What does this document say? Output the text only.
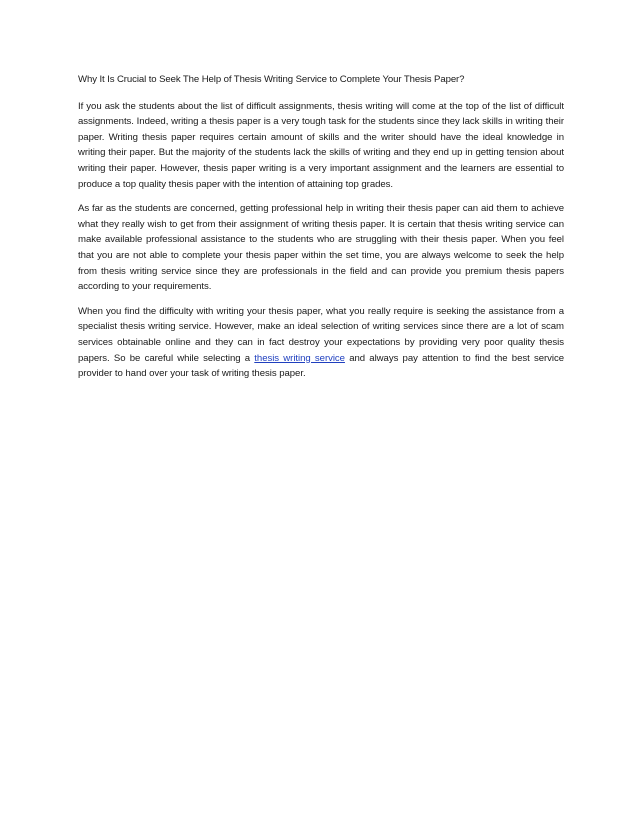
Why It Is Crucial to Seek The Help of Thesis Writing Service to Complete Your Thesis Paper?

If you ask the students about the list of difficult assignments, thesis writing will come at the top of the list of difficult assignments. Indeed, writing a thesis paper is a very tough task for the students since they lack skills in writing their paper. Writing thesis paper requires certain amount of skills and the writer should have the ideal knowledge in writing their paper. But the majority of the students lack the skills of writing and they end up in getting tension about writing their paper. However, thesis paper writing is a very important assignment and the learners are essential to produce a top quality thesis paper with the intention of attaining top grades.

As far as the students are concerned, getting professional help in writing their thesis paper can aid them to achieve what they really wish to get from their assignment of writing thesis paper. It is certain that thesis writing service can make available professional assistance to the students who are struggling with their thesis paper. When you feel that you are not able to complete your thesis paper within the set time, you are always welcome to seek the help from thesis writing service since they are professionals in the field and can provide you premium thesis papers according to your requirements.

When you find the difficulty with writing your thesis paper, what you really require is seeking the assistance from a specialist thesis writing service. However, make an ideal selection of writing services since there are a lot of scam services obtainable online and they can in fact destroy your expectations by providing very poor quality thesis papers. So be careful while selecting a thesis writing service and always pay attention to find the best service provider to hand over your task of writing thesis paper.
